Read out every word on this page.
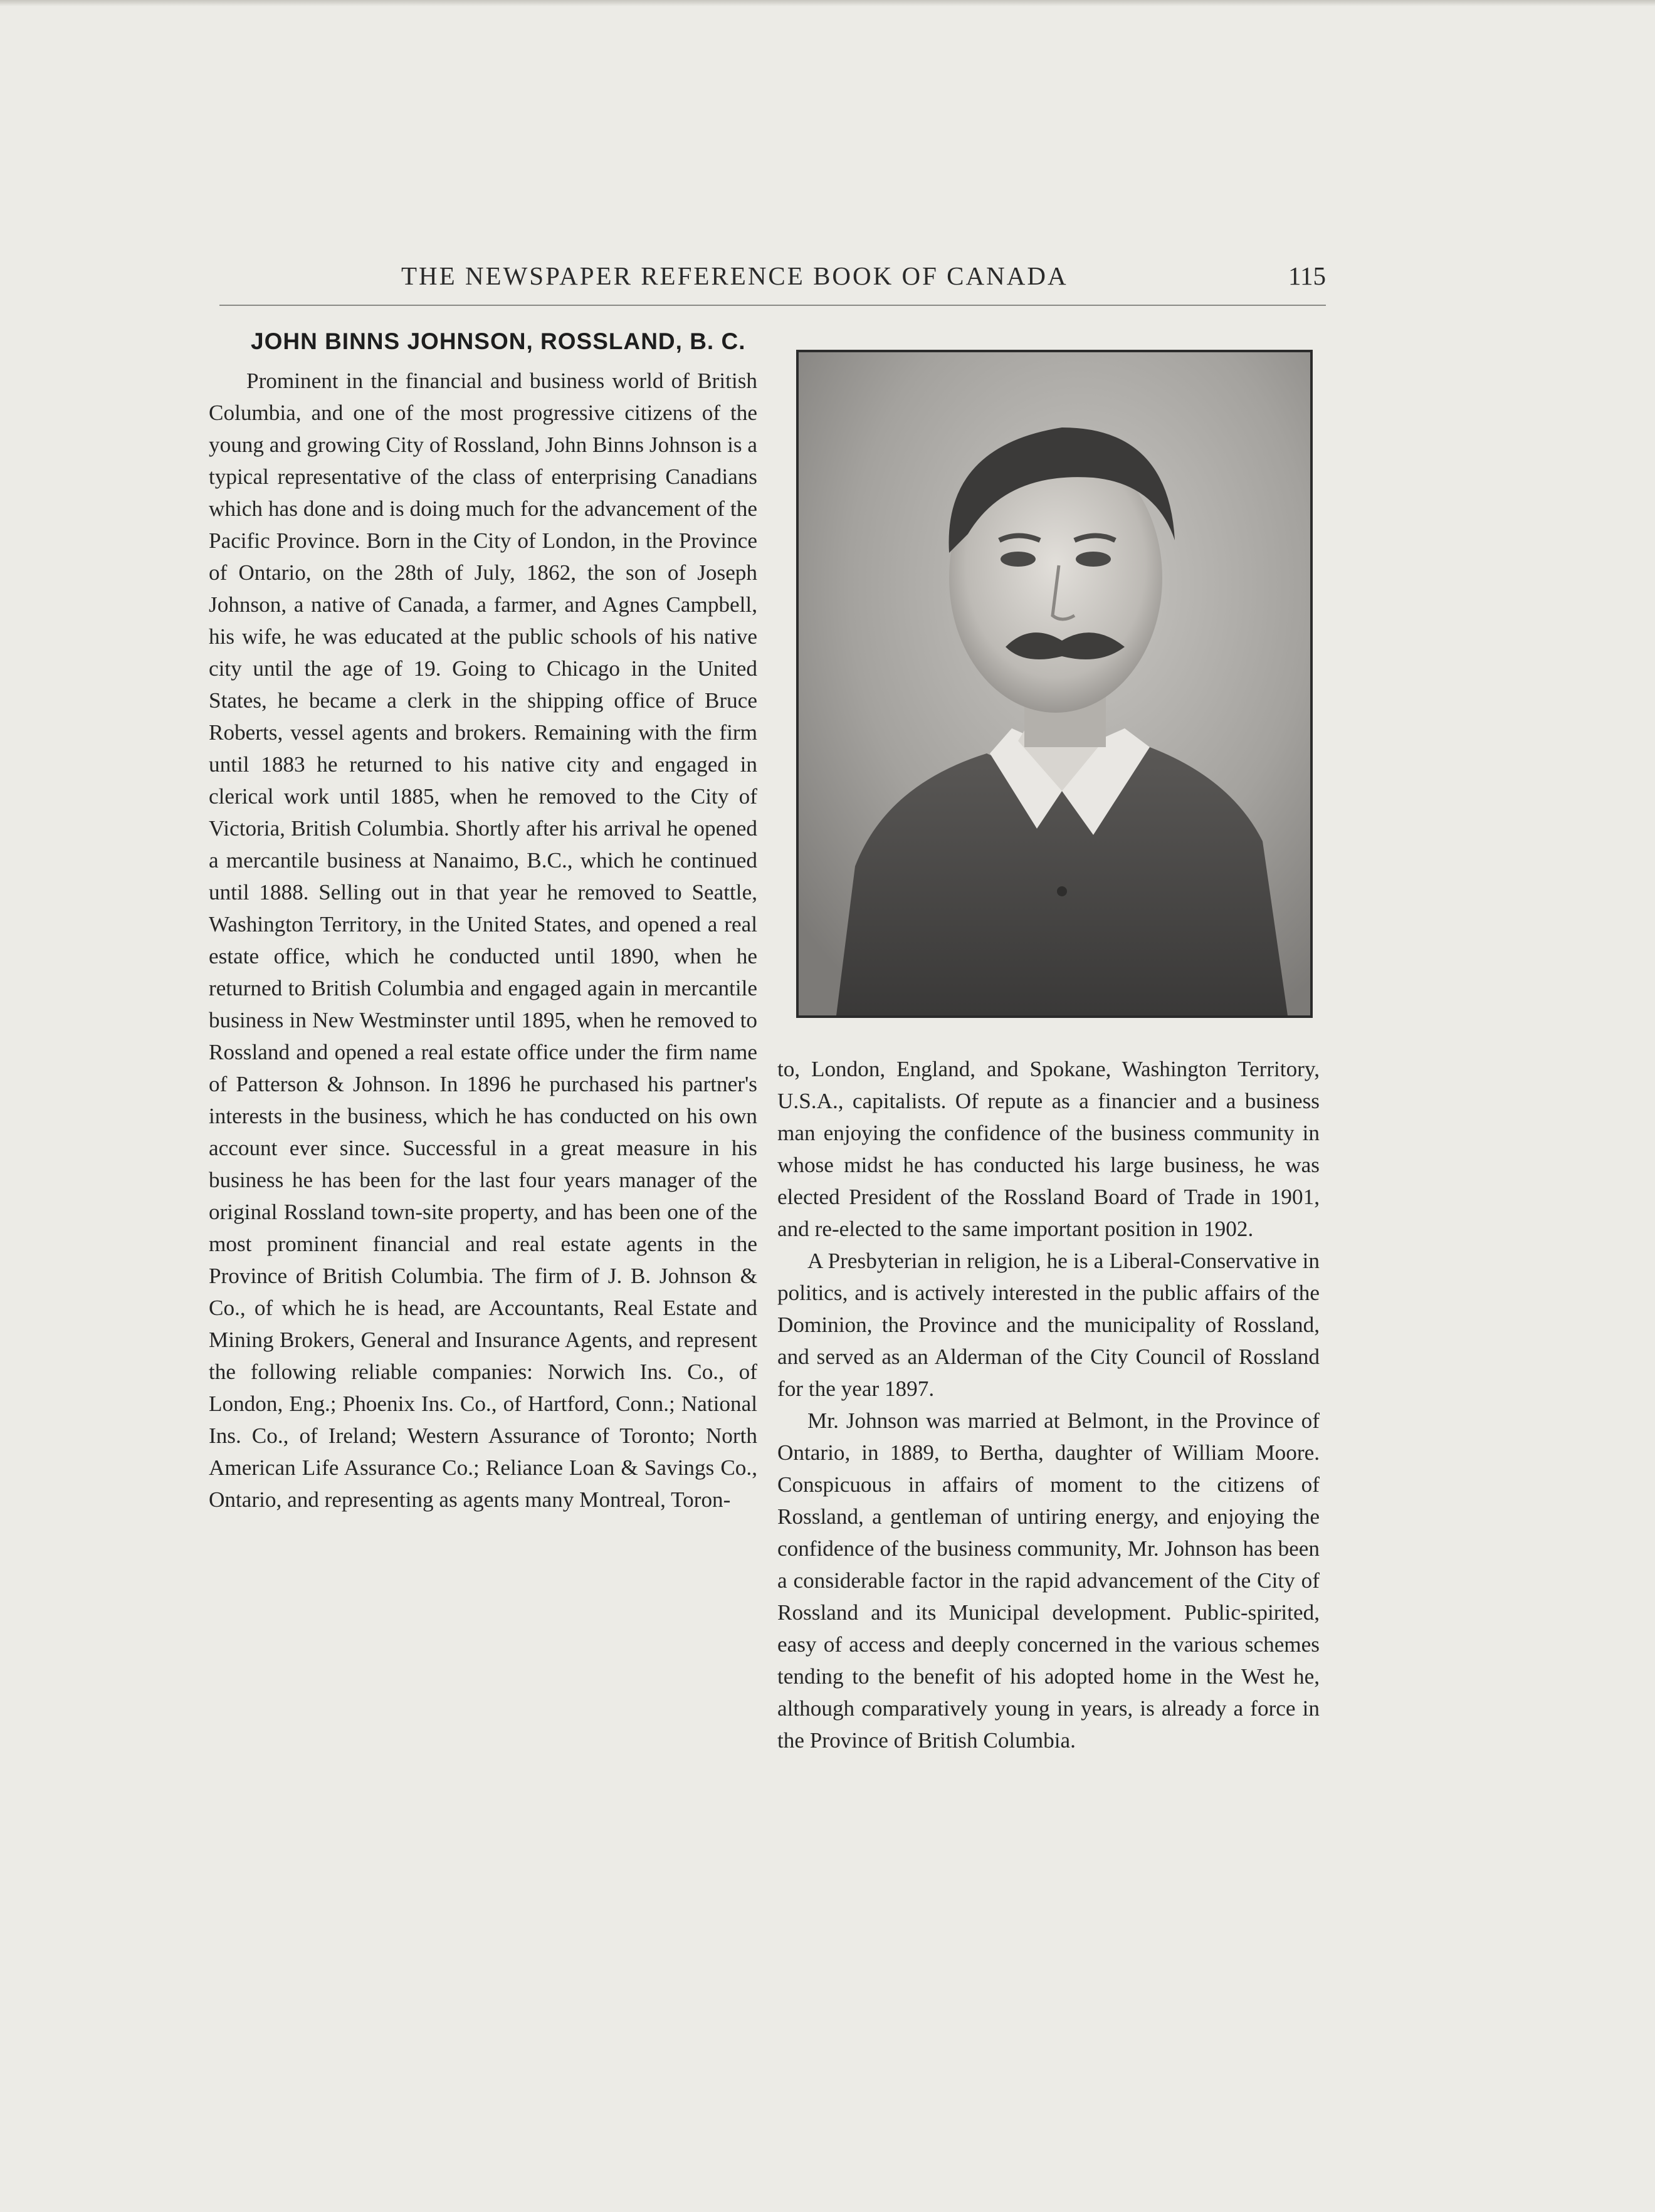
THE NEWSPAPER REFERENCE BOOK OF CANADA	115
JOHN BINNS JOHNSON, ROSSLAND, B. C.

Prominent in the financial and business world of British Columbia, and one of the most progressive citizens of the young and growing City of Rossland, John Binns Johnson is a typical representative of the class of enterprising Canadians which has done and is doing much for the advancement of the Pacific Province. Born in the City of London, in the Province of Ontario, on the 28th of July, 1862, the son of Joseph Johnson, a native of Canada, a farmer, and Agnes Campbell, his wife, he was educated at the public schools of his native city until the age of 19. Going to Chicago in the United States, he became a clerk in the shipping office of Bruce Roberts, vessel agents and brokers. Remaining with the firm until 1883 he returned to his native city and engaged in clerical work until 1885, when he removed to the City of Victoria, British Columbia. Shortly after his arrival he opened a mercantile business at Nanaimo, B.C., which he continued until 1888. Selling out in that year he removed to Seattle, Washington Territory, in the United States, and opened a real estate office, which he conducted until 1890, when he returned to British Columbia and engaged again in mercantile business in New Westminster until 1895, when he removed to Rossland and opened a real estate office under the firm name of Patterson & Johnson. In 1896 he purchased his partner's interests in the business, which he has conducted on his own account ever since. Successful in a great measure in his business he has been for the last four years manager of the original Rossland town-site property, and has been one of the most prominent financial and real estate agents in the Province of British Columbia. The firm of J. B. Johnson & Co., of which he is head, are Accountants, Real Estate and Mining Brokers, General and Insurance Agents, and represent the following reliable companies: Norwich Ins. Co., of London, Eng.; Phoenix Ins. Co., of Hartford, Conn.; National Ins. Co., of Ireland; Western Assurance of Toronto; North American Life Assurance Co.; Reliance Loan & Savings Co., Ontario, and representing as agents many Montreal, Toron-

to, London, England, and Spokane, Washington Territory, U.S.A., capitalists. Of repute as a financier and a business man enjoying the confidence of the business community in whose midst he has conducted his large business, he was elected President of the Rossland Board of Trade in 1901, and re-elected to the same important position in 1902.

A Presbyterian in religion, he is a Liberal-Conservative in politics, and is actively interested in the public affairs of the Dominion, the Province and the municipality of Rossland, and served as an Alderman of the City Council of Rossland for the year 1897.

Mr. Johnson was married at Belmont, in the Province of Ontario, in 1889, to Bertha, daughter of William Moore. Conspicuous in affairs of moment to the citizens of Rossland, a gentleman of untiring energy, and enjoying the confidence of the business community, Mr. Johnson has been a considerable factor in the rapid advancement of the City of Rossland and its Municipal development. Public-spirited, easy of access and deeply concerned in the various schemes tending to the benefit of his adopted home in the West he, although comparatively young in years, is already a force in the Province of British Columbia.
